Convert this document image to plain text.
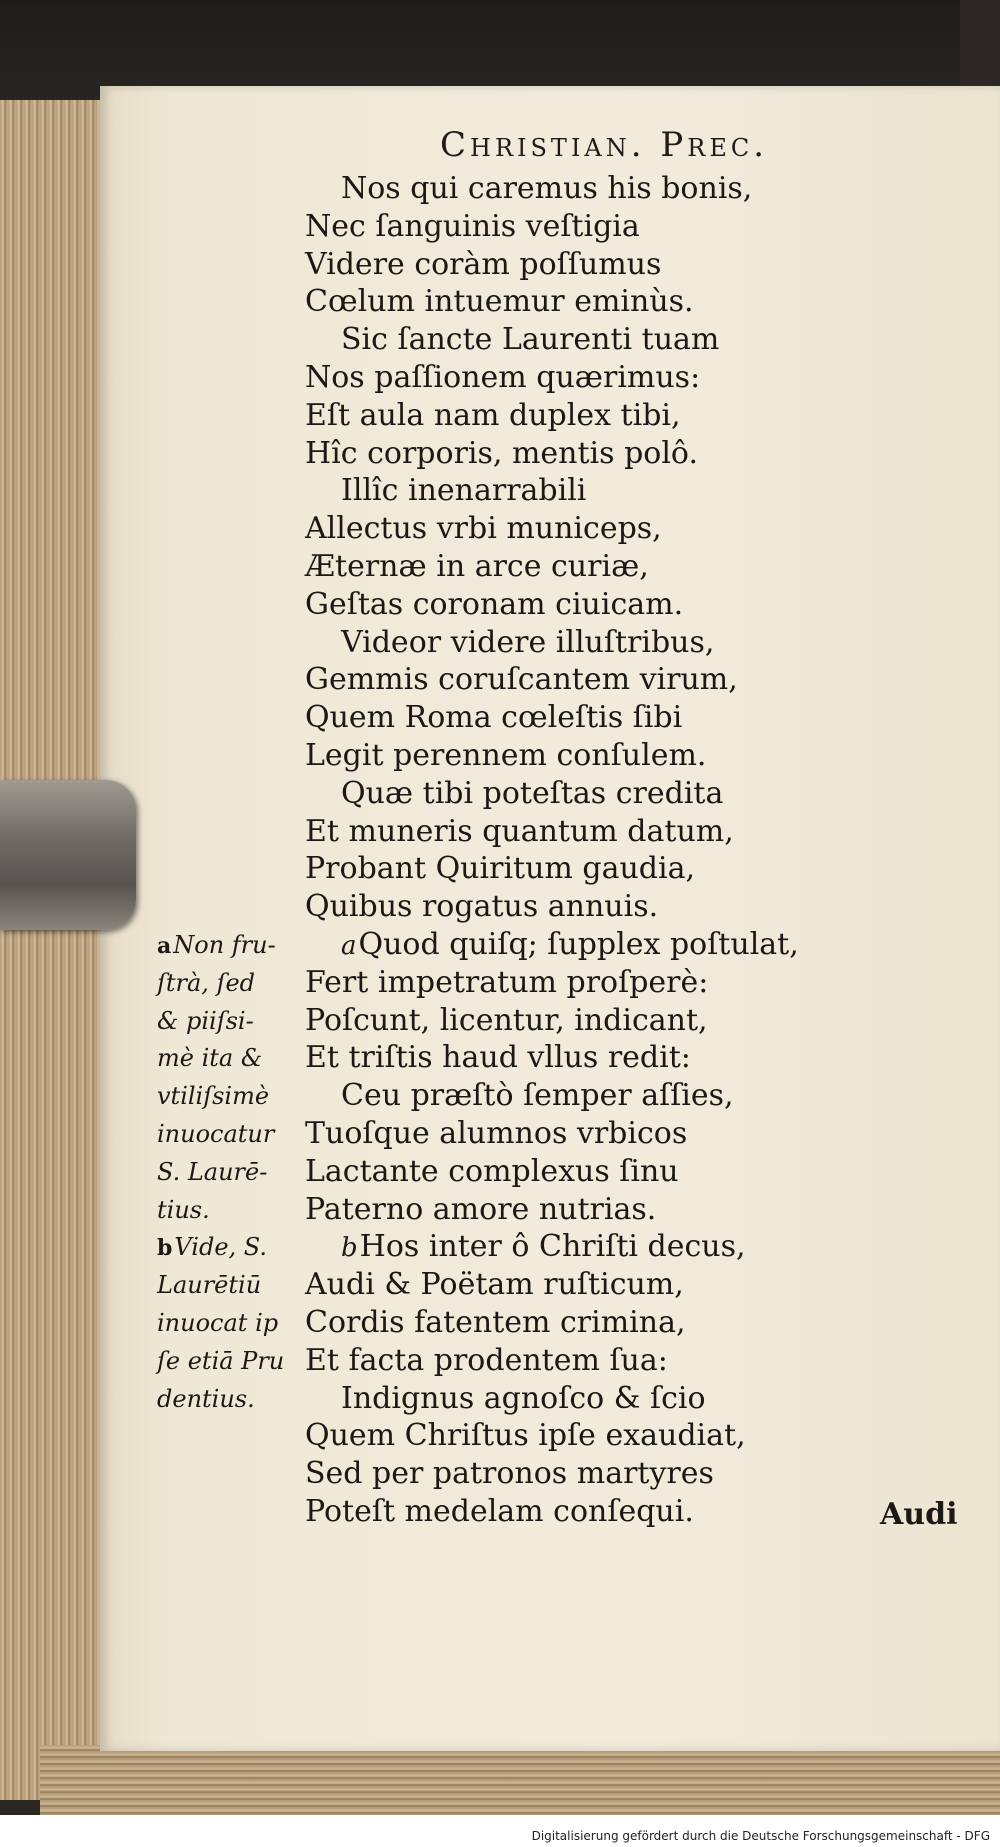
Christian. Prec.
Nos qui caremus his bonis,
Nec ſanguinis veſtigia
Videre coràm poſſumus
Cœlum intuemur eminùs.
Sic ſancte Laurenti tuam
Nos paſſionem quærimus:
Eſt aula nam duplex tibi,
Hîc corporis, mentis polô.
Illîc inenarrabili
Allectus vrbi municeps,
Æternæ in arce curiæ,
Geſtas coronam ciuicam.
Videor videre illuſtribus,
Gemmis coruſcantem virum,
Quem Roma cœleſtis ſibi
Legit perennem conſulem.
Quæ tibi poteſtas credita
Et muneris quantum datum,
Probant Quiritum gaudia,
Quibus rogatus annuis.
aQuod quiſq; ſupplex poſtulat,
Fert impetratum proſperè:
Poſcunt, licentur, indicant,
Et triſtis haud vllus redit:
Ceu præſtò ſemper aſſies,
Tuoſque alumnos vrbicos
Lactante complexus ſinu
Paterno amore nutrias.
bHos inter ô Chriſti decus,
Audi & Poëtam ruſticum,
Cordis fatentem crimina,
Et facta prodentem ſua:
Indignus agnoſco & ſcio
Quem Chriſtus ipſe exaudiat,
Sed per patronos martyres
Poteſt medelam conſequi.
aNon fru-
ſtrà, ſed
& piiſsi-
mè ita &
vtiliſsimè
inuocatur
S. Laurē-
tius.
bVide, S.
Laurētiū
inuocat ip
ſe etiā Pru
dentius.
Audi
Digitalisierung gefördert durch die Deutsche Forschungsgemeinschaft - DFG
